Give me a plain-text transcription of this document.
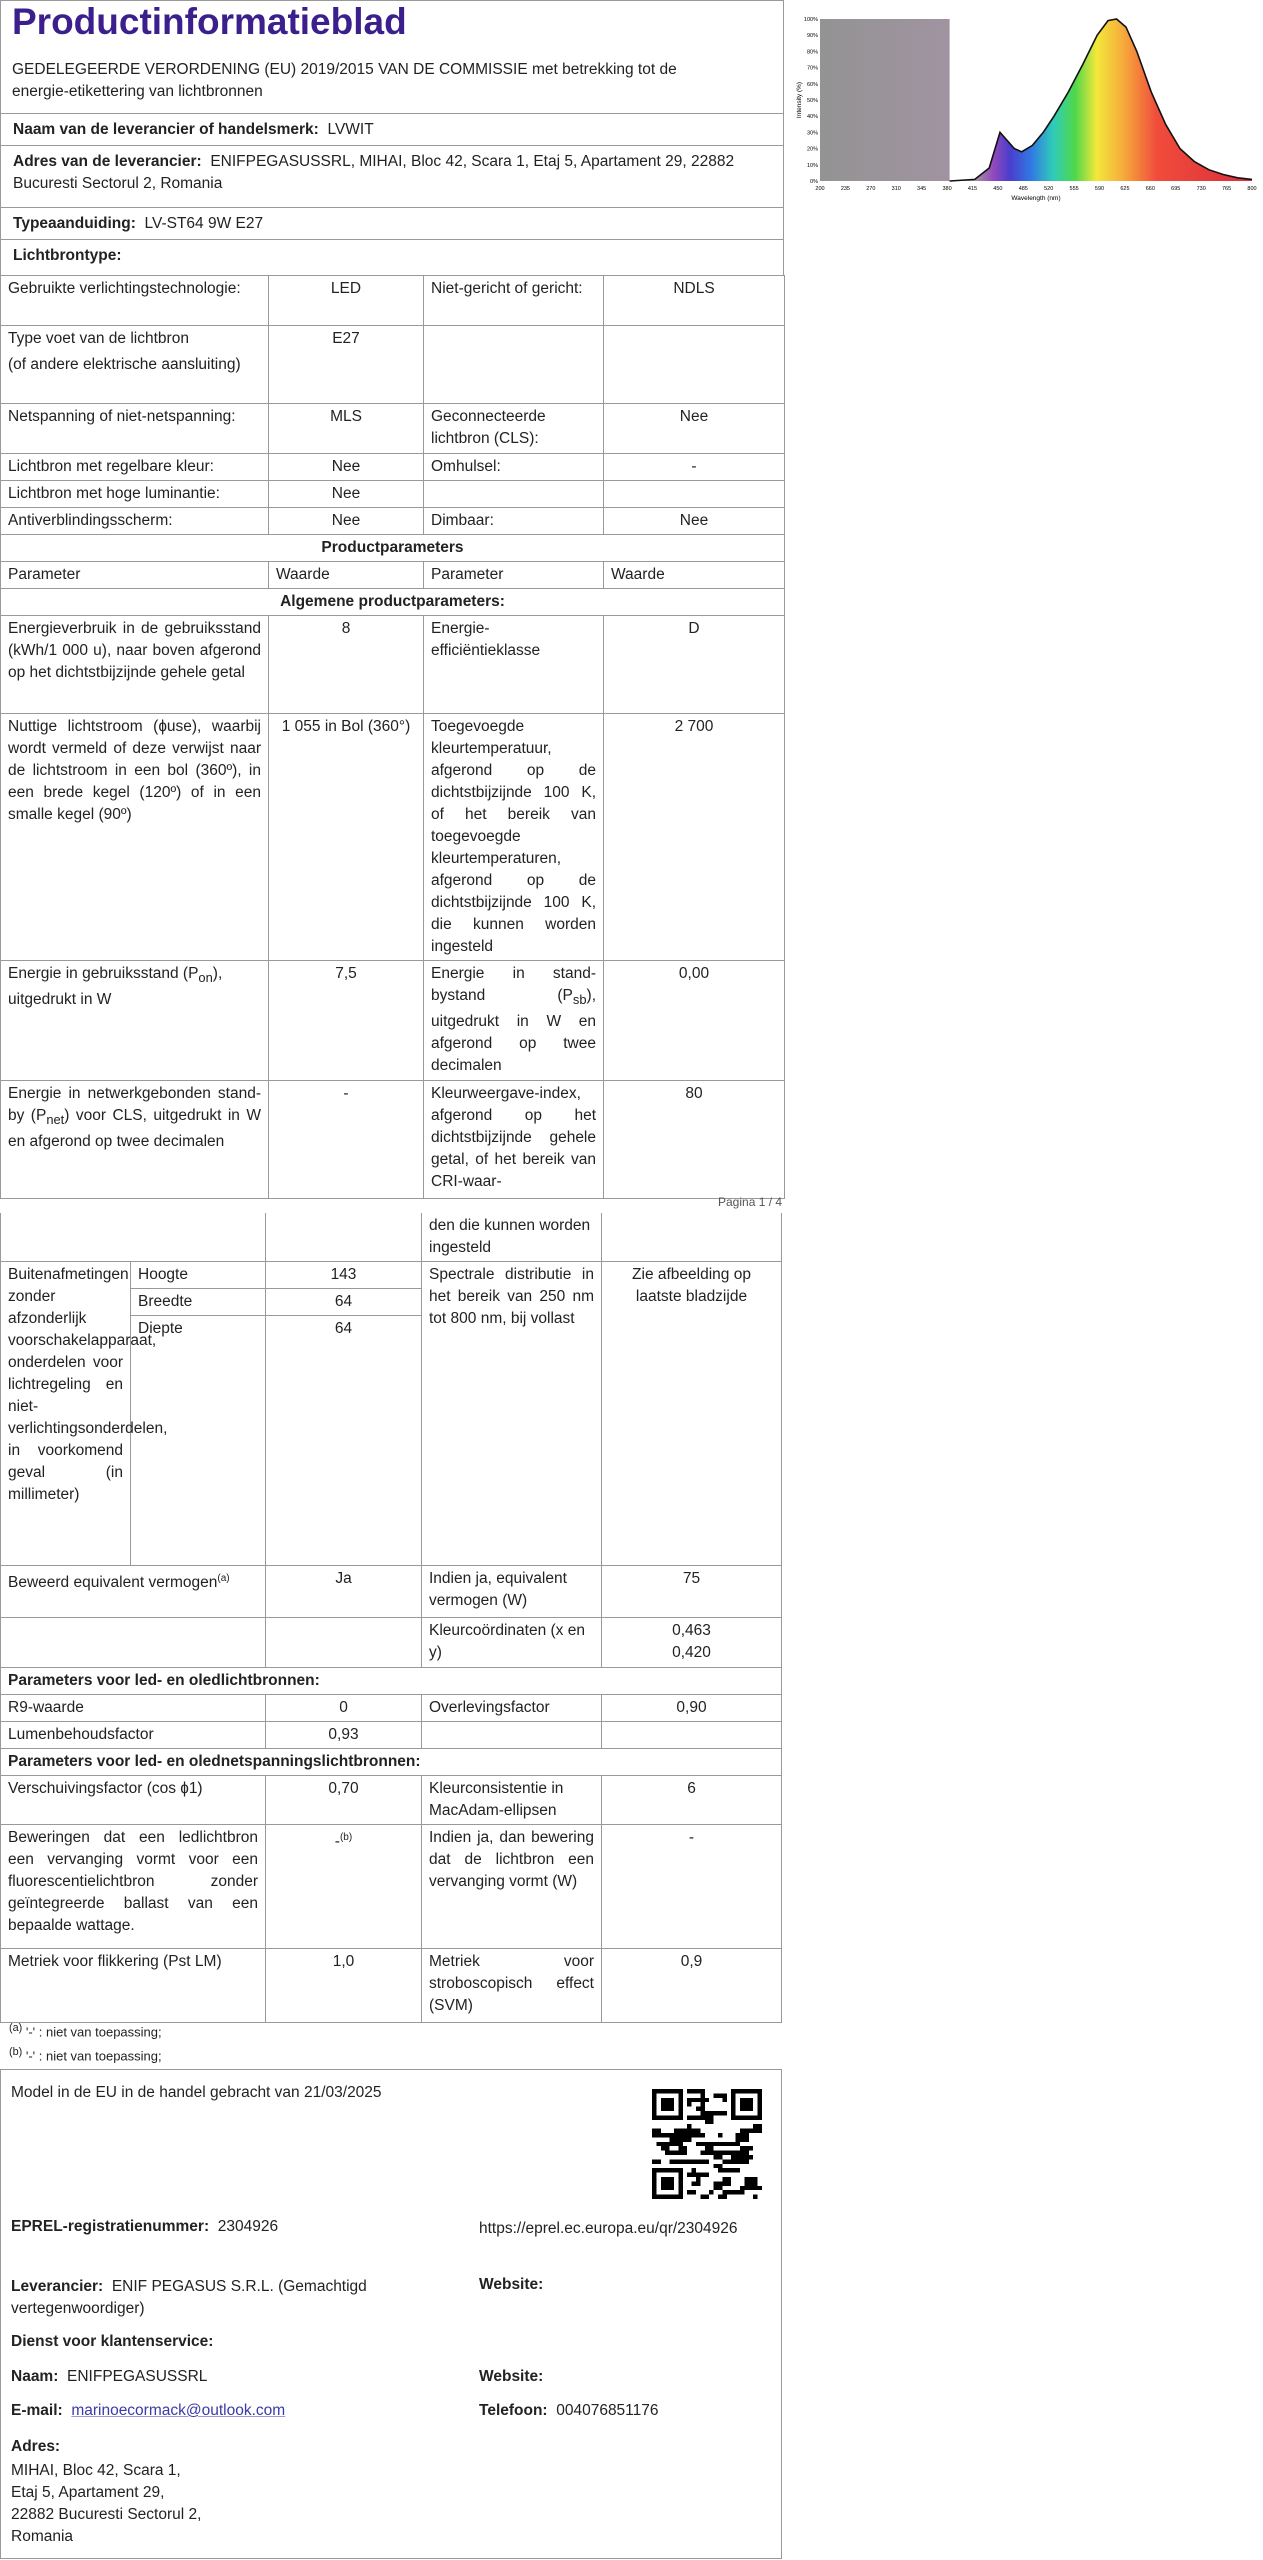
Productinformatieblad
GEDELEGEERDE VERORDENING (EU) 2019/2015 VAN DE COMMISSIE met betrekking tot de energie-etikettering van lichtbronnen
100%
90%
80%
70%
60%
50%
40%
30%
20%
10%
0%
200	235	270	310	345	380	415	450	485	520	555	590	625	660	695	730	765	800
Wavelength (nm)
Intensity (%)
Naam van de leverancier of handelsmerk: LVWIT
Adres van de leverancier: ENIFPEGASUSSRL, MIHAI, Bloc 42, Scara 1, Etaj 5, Apartament 29, 22882 Bucuresti Sectorul 2, Romania
Typeaanduiding: LV-ST64 9W E27
Lichtbrontype:
Gebruikte verlichtingstechnologie:	LED	Niet-gericht of gericht:	NDLS

Type voet van de lichtbron
(of andere elektrische aansluiting)	E27		
Netspanning of niet-netspanning:	MLS	Geconnecteerde lichtbron (CLS):	Nee
Lichtbron met regelbare kleur:	Nee	Omhulsel:	-
Lichtbron met hoge luminantie:	Nee		
Antiverblindingsscherm:	Nee	Dimbaar:	Nee
Productparameters			
Parameter	Waarde	Parameter	Waarde
Algemene productparameters:			
Energieverbruik in de gebruiksstand (kWh/1 000 u), naar boven afgerond op het dichtstbijzijnde gehele getal	8	Energie-efficiëntieklasse	D
Nuttige lichtstroom (ɸuse), waarbij wordt vermeld of deze verwijst naar de lichtstroom in een bol (360º), in een brede kegel (120º) of in een smalle kegel (90º)	1 055 in Bol (360°)	Toegevoegde kleurtemperatuur, afgerond op de dichtstbijzijnde 100 K, of het bereik van toegevoegde kleurtemperaturen, afgerond op de dichtstbijzijnde 100 K, die kunnen worden ingesteld	2 700
Energie in gebruiksstand $(P_{on})$, uitgedrukt in W	7,5	Energie in stand-bystand $(P_{sb})$, uitgedrukt in W en afgerond op twee decimalen	0,00
Energie in netwerkgebonden stand-by $(P_{net})$ voor CLS, uitgedrukt in W en afgerond op twee decimalen	-	Kleurweergave-index, afgerond op het dichtstbijzijnde gehele getal, of het bereik van CRI-waar-	80
Pagina 1 / 4
			den die kunnen worden ingesteld	
Buitenafmetingen zonder afzonderlijk voorschakelapparaat, onderdelen voor lichtregeling en niet-verlichtingsonderdelen, in voorkomend geval (in millimeter)	Hoogte	143	Spectrale distributie in het bereik van 250 nm tot 800 nm, bij vollast	Zie afbeelding op laatste bladzijde
	Breedte	64		
	Diepte	64		
Beweerd equivalent vermogen$^{(a)}$		Ja	Indien ja, equivalent vermogen (W)	75
			Kleurcoördinaten (x en y)	0,463
0,420

Parameters voor led- en oledlichtbronnen:				
R9-waarde		0	Overlevingsfactor	0,90
Lumenbehoudsfactor		0,93		
Parameters voor led- en olednetspanningslichtbronnen:				
Verschuivingsfactor (cos ɸ1)		0,70	Kleurconsistentie in MacAdam-ellipsen	6
Beweringen dat een ledlichtbron een vervanging vormt voor een fluorescentielichtbron zonder geïntegreerde ballast van een bepaalde wattage.		-$^{(b)}$	Indien ja, dan bewering dat de lichtbron een vervanging vormt (W)	-
Metriek voor flikkering (Pst LM)		1,0	Metriek voor stroboscopisch effect (SVM)	0,9
$^{(a)}$ '-' : niet van toepassing;
$^{(b)}$ '-' : niet van toepassing;
Model in de EU in de handel gebracht van 21/03/2025
EPREL-registratienummer: 2304926	https://eprel.ec.europa.eu/qr/2304926
Leverancier: ENIF PEGASUS S.R.L. (Gemachtigd vertegenwoordiger)
Website:
Dienst voor klantenservice:
Naam: ENIFPEGASUSSRL	Website:
E-mail: marinoecormack@outlook.com	Telefoon: 004076851176
Adres:
MIHAI, Bloc 42, Scara 1,
Etaj 5, Apartament 29,
22882 Bucuresti Sectorul 2,
Romania
